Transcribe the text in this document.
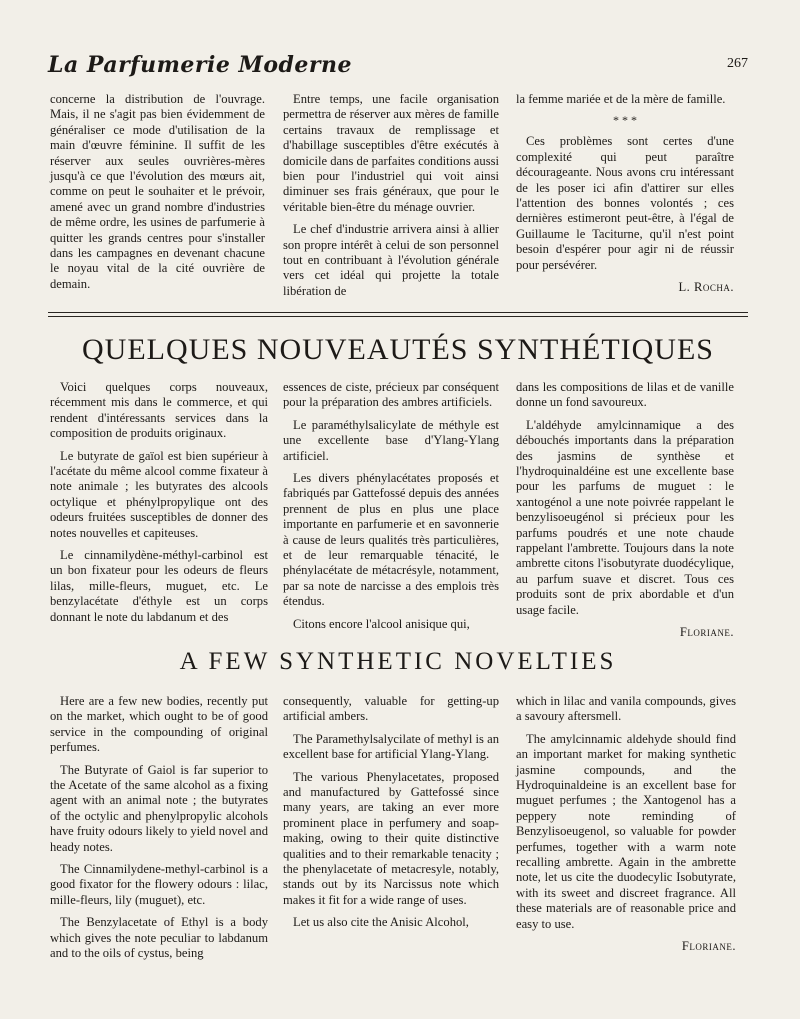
La Parfumerie Moderne	267

concerne la distribution de l'ouvrage. Mais, il ne s'agit pas bien évidemment de généraliser ce mode d'utilisation de la main d'œuvre féminine. Il suffit de les réserver aux seules ouvrières-mères jusqu'à ce que l'évolution des mœurs ait, comme on peut le souhaiter et le prévoir, amené avec un grand nombre d'industries de même ordre, les usines de parfumerie à quitter les grands centres pour s'installer dans les campagnes en devenant chacune le noyau vital de la cité ouvrière de demain.

Entre temps, une facile organisation permettra de réserver aux mères de famille certains travaux de remplissage et d'habillage susceptibles d'être exécutés à domicile dans de parfaites conditions aussi bien pour l'industriel qui voit ainsi diminuer ses frais généraux, que pour le véritable bien-être du ménage ouvrier.

Le chef d'industrie arrivera ainsi à allier son propre intérêt à celui de son personnel tout en contribuant à l'évolution générale vers cet idéal qui projette la totale libération de

la femme mariée et de la mère de famille.

* * *

Ces problèmes sont certes d'une complexité qui peut paraître décourageante. Nous avons cru intéressant de les poser ici afin d'attirer sur elles l'attention des bonnes volontés ; ces dernières estimeront peut-être, à l'égal de Guillaume le Taciturne, qu'il n'est point besoin d'espérer pour agir ni de réussir pour persévérer.

L. Rocha.

QUELQUES NOUVEAUTÉS SYNTHÉTIQUES

Voici quelques corps nouveaux, récemment mis dans le commerce, et qui rendent d'intéressants services dans la composition de produits originaux.

Le butyrate de gaïol est bien supérieur à l'acétate du même alcool comme fixateur à note animale ; les butyrates des alcools octylique et phénylpropylique ont des odeurs fruitées susceptibles de donner des notes nouvelles et capiteuses.

Le cinnamilydène-méthyl-carbinol est un bon fixateur pour les odeurs de fleurs lilas, mille-fleurs, muguet, etc. Le benzylacétate d'éthyle est un corps donnant le note du labdanum et des

essences de ciste, précieux par conséquent pour la préparation des ambres artificiels.

Le paraméthylsalicylate de méthyle est une excellente base d'Ylang-Ylang artificiel.

Les divers phénylacétates proposés et fabriqués par Gattefossé depuis des années prennent de plus en plus une place importante en parfumerie et en savonnerie à cause de leurs qualités très particulières, et de leur remarquable ténacité, le phénylacétate de métacrésyle, notamment, par sa note de narcisse a des emplois très étendus.

Citons encore l'alcool anisique qui,

dans les compositions de lilas et de vanille donne un fond savoureux.

L'aldéhyde amylcinnamique a des débouchés importants dans la préparation des jasmins de synthèse et l'hydroquinaldéine est une excellente base pour les parfums de muguet : le xantogénol a une note poivrée rappelant le benzylisoeugénol si précieux pour les parfums poudrés et une note chaude rappelant l'ambrette. Toujours dans la note ambrette citons l'isobutyrate duodécylique, au parfum suave et discret. Tous ces produits sont de prix abordable et d'un usage facile.

Floriane.

A FEW SYNTHETIC NOVELTIES

Here are a few new bodies, recently put on the market, which ought to be of good service in the compounding of original perfumes.

The Butyrate of Gaiol is far superior to the Acetate of the same alcohol as a fixing agent with an animal note ; the butyrates of the octylic and phenylpropylic alcohols have fruity odours likely to yield novel and heady notes.

The Cinnamilydene-methyl-carbinol is a good fixator for the flowery odours : lilac, mille-fleurs, lily (muguet), etc.

The Benzylacetate of Ethyl is a body which gives the note peculiar to labdanum and to the oils of cystus, being

consequently, valuable for getting-up artificial ambers.

The Paramethylsalycilate of methyl is an excellent base for artificial Ylang-Ylang.

The various Phenylacetates, proposed and manufactured by Gattefossé since many years, are taking an ever more prominent place in perfumery and soap-making, owing to their quite distinctive qualities and to their remarkable tenacity ; the phenylacetate of metacresyle, notably, stands out by its Narcissus note which makes it fit for a wide range of uses.

Let us also cite the Anisic Alcohol,

which in lilac and vanila compounds, gives a savoury aftersmell.

The amylcinnamic aldehyde should find an important market for making synthetic jasmine compounds, and the Hydroquinaldeine is an excellent base for muguet perfumes ; the Xantogenol has a peppery note reminding of Benzylisoeugenol, so valuable for powder perfumes, together with a warm note recalling ambrette. Again in the ambrette note, let us cite the duodecylic Isobutyrate, with its sweet and discreet fragrance. All these materials are of reasonable price and easy to use.

Floriane.
